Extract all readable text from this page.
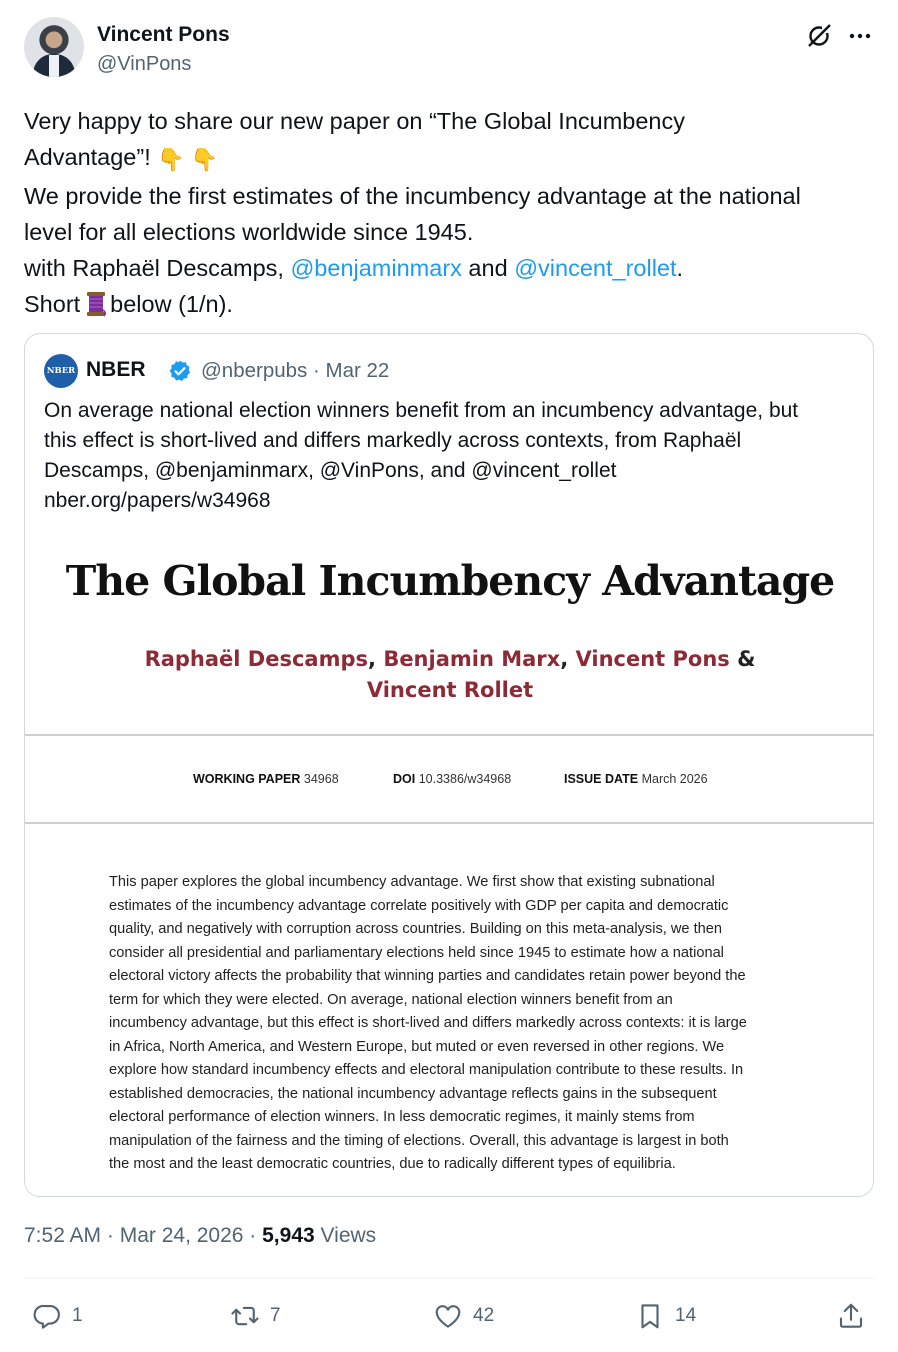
Vincent Pons
@VinPons
Very happy to share our new paper on “The Global Incumbency
Advantage”! 👇 👇
We provide the first estimates of the incumbency advantage at the national
level for all elections worldwide since 1945.
with Raphaël Descamps, @benjaminmarx and @vincent_rollet.
Short below (1/n).
NBER NBER	@nberpubs · Mar 22
On average national election winners benefit from an incumbency advantage, but
this effect is short-lived and differs markedly across contexts, from Raphaël
Descamps, @benjaminmarx, @VinPons, and @vincent_rollet
nber.org/papers/w34968
The Global Incumbency Advantage
Raphaël Descamps, Benjamin Marx, Vincent Pons &
Vincent Rollet
WORKING PAPER 34968	DOI 10.3386/w34968	ISSUE DATE March 2026
This paper explores the global incumbency advantage. We first show that existing subnational
estimates of the incumbency advantage correlate positively with GDP per capita and democratic
quality, and negatively with corruption across countries. Building on this meta-analysis, we then
consider all presidential and parliamentary elections held since 1945 to estimate how a national
electoral victory affects the probability that winning parties and candidates retain power beyond the
term for which they were elected. On average, national election winners benefit from an
incumbency advantage, but this effect is short-lived and differs markedly across contexts: it is large
in Africa, North America, and Western Europe, but muted or even reversed in other regions. We
explore how standard incumbency effects and electoral manipulation contribute to these results. In
established democracies, the national incumbency advantage reflects gains in the subsequent
electoral performance of election winners. In less democratic regimes, it mainly stems from
manipulation of the fairness and the timing of elections. Overall, this advantage is largest in both
the most and the least democratic countries, due to radically different types of equilibria.
7:52 AM · Mar 24, 2026 · 5,943 Views
1	7	42	14
